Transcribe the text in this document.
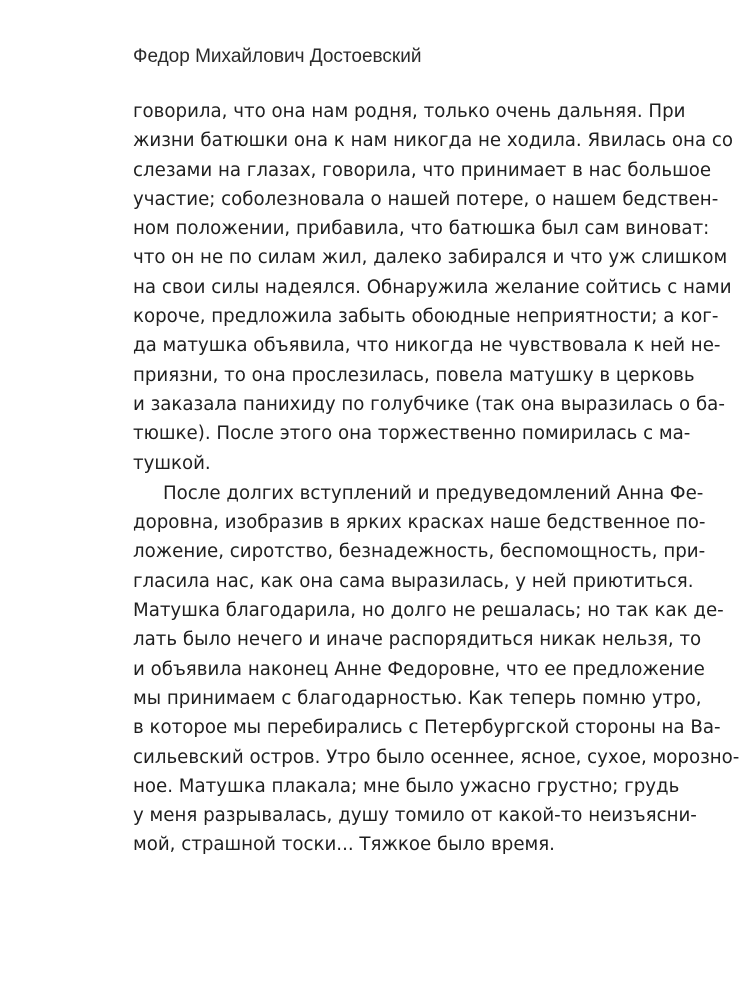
Федор Михайлович Достоевский
говорила, что она нам родня, только очень дальняя. При
жизни батюшки она к нам никогда не ходила. Явилась она со
слезами на глазах, говорила, что принимает в нас большое
участие; соболезновала о нашей потере, о нашем бедствен-
ном положении, прибавила, что батюшка был сам виноват:
что он не по силам жил, далеко забирался и что уж слишком
на свои силы надеялся. Обнаружила желание сойтись с нами
короче, предложила забыть обоюдные неприятности; а ког-
да матушка объявила, что никогда не чувствовала к ней не-
приязни, то она прослезилась, повела матушку в церковь
и заказала панихиду по голубчике (так она выразилась о ба-
тюшке). После этого она торжественно помирилась с ма-
тушкой.
После долгих вступлений и предуведомлений Анна Фе-
доровна, изобразив в ярких красках наше бедственное по-
ложение, сиротство, безнадежность, беспомощность, при-
гласила нас, как она сама выразилась, у ней приютиться.
Матушка благодарила, но долго не решалась; но так как де-
лать было нечего и иначе распорядиться никак нельзя, то
и объявила наконец Анне Федоровне, что ее предложение
мы принимаем с благодарностью. Как теперь помню утро,
в которое мы перебирались с Петербургской стороны на Ва-
сильевский остров. Утро было осеннее, ясное, сухое, морозно-
ное. Матушка плакала; мне было ужасно грустно; грудь
у меня разрывалась, душу томило от какой-то неизъясни-
мой, страшной тоски... Тяжкое было время.
